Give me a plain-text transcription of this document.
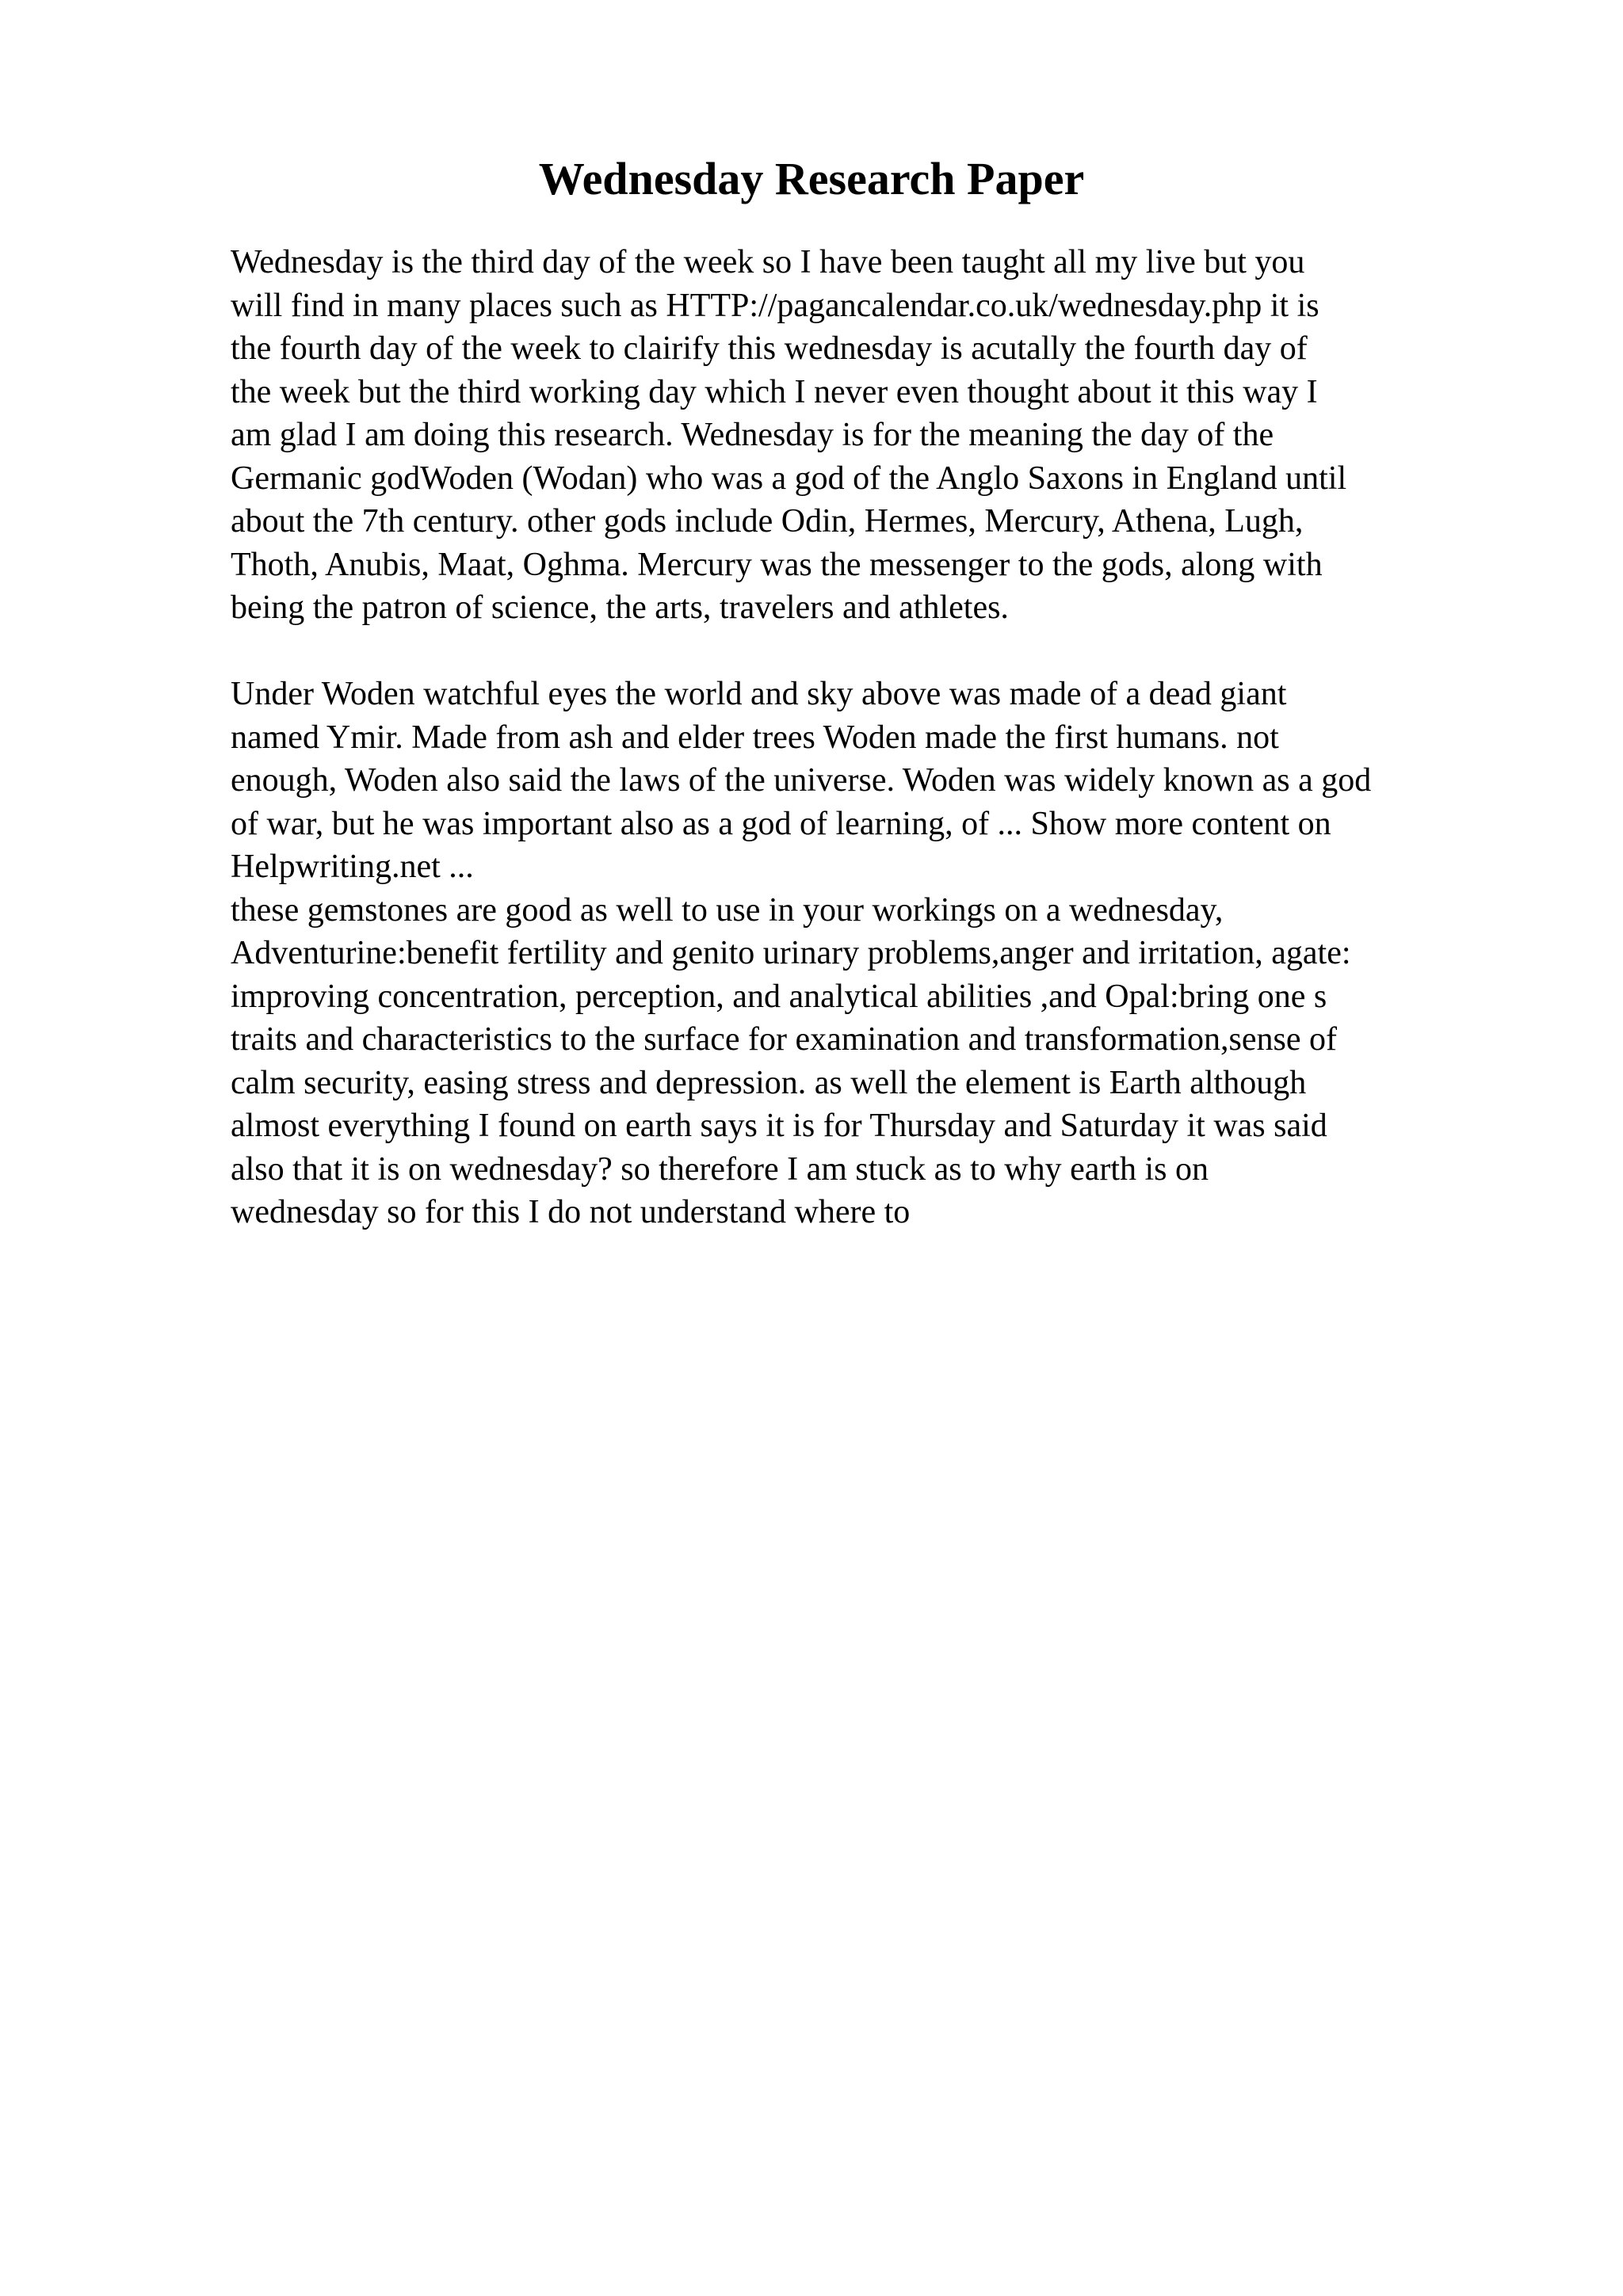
Wednesday Research Paper
Wednesday is the third day of the week so I have been taught all my live but you
will find in many places such as HTTP://pagancalendar.co.uk/wednesday.php it is
the fourth day of the week to clairify this wednesday is acutally the fourth day of
the week but the third working day which I never even thought about it this way I
am glad I am doing this research. Wednesday is for the meaning the day of the
Germanic godWoden (Wodan) who was a god of the Anglo Saxons in England until
about the 7th century. other gods include Odin, Hermes, Mercury, Athena, Lugh,
Thoth, Anubis, Maat, Oghma. Mercury was the messenger to the gods, along with
being the patron of science, the arts, travelers and athletes.
Under Woden watchful eyes the world and sky above was made of a dead giant
named Ymir. Made from ash and elder trees Woden made the first humans. not
enough, Woden also said the laws of the universe. Woden was widely known as a god
of war, but he was important also as a god of learning, of ... Show more content on
Helpwriting.net ...
these gemstones are good as well to use in your workings on a wednesday,
Adventurine:benefit fertility and genito urinary problems,anger and irritation, agate:
improving concentration, perception, and analytical abilities ,and Opal:bring one s
traits and characteristics to the surface for examination and transformation,sense of
calm security, easing stress and depression. as well the element is Earth although
almost everything I found on earth says it is for Thursday and Saturday it was said
also that it is on wednesday? so therefore I am stuck as to why earth is on
wednesday so for this I do not understand where to
